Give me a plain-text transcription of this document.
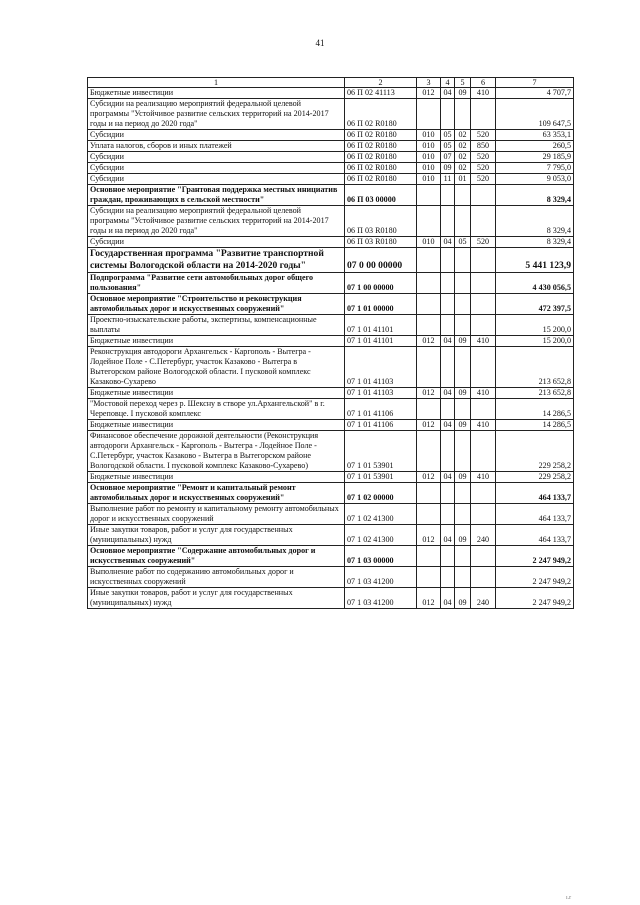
41
1	2	3	4	5	6	7
Бюджетные инвестиции	06 П 02 41113	012	04	09	410	4 707,7
Субсидии на реализацию мероприятий федеральной целевой программы "Устойчивое развитие сельских территорий на 2014-2017 годы и на период до 2020 года"	06 П 02 R0180					109 647,5
Субсидии	06 П 02 R0180	010	05	02	520	63 353,1
Уплата налогов, сборов и иных платежей	06 П 02 R0180	010	05	02	850	260,5
Субсидии	06 П 02 R0180	010	07	02	520	29 185,9
Субсидии	06 П 02 R0180	010	09	02	520	7 795,0
Субсидии	06 П 02 R0180	010	11	01	520	9 053,0
Основное мероприятие "Грантовая поддержка местных инициатив граждан, проживающих в сельской местности"	06 П 03 00000					8 329,4
Субсидии на реализацию мероприятий федеральной целевой программы "Устойчивое развитие сельских территорий на 2014-2017 годы и на период до 2020 года"	06 П 03 R0180					8 329,4
Субсидии	06 П 03 R0180	010	04	05	520	8 329,4
Государственная программа "Развитие транспортной системы Вологодской области на 2014-2020 годы"	07 0 00 00000					5 441 123,9
Подпрограмма "Развитие сети автомобильных дорог общего пользования"	07 1 00 00000					4 430 056,5
Основное мероприятие "Строительство и реконструкция автомобильных дорог и искусственных сооружений"	07 1 01 00000					472 397,5
Проектно-изыскательские работы, экспертизы, компенсационные выплаты	07 1 01 41101					15 200,0
Бюджетные инвестиции	07 1 01 41101	012	04	09	410	15 200,0
Реконструкция автодороги Архангельск - Каргополь - Вытегра - Лодейное Поле - С.Петербург, участок Казаково - Вытегра в Вытегорском районе Вологодской области. I пусковой комплекс Казаково-Сухарево	07 1 01 41103					213 652,8
Бюджетные инвестиции	07 1 01 41103	012	04	09	410	213 652,8
"Мостовой переход через р. Шексну в створе ул.Архангельской" в г. Череповце. I пусковой комплекс	07 1 01 41106					14 286,5
Бюджетные инвестиции	07 1 01 41106	012	04	09	410	14 286,5
Финансовое обеспечение дорожной деятельности (Реконструкция автодороги Архангельск - Каргополь - Вытегра - Лодейное Поле - С.Петербург, участок Казаково - Вытегра в Вытегорском районе Вологодской области. I пусковой комплекс Казаково-Сухарево)	07 1 01 53901					229 258,2
Бюджетные инвестиции	07 1 01 53901	012	04	09	410	229 258,2
Основное мероприятие "Ремонт и капитальный ремонт автомобильных дорог и искусственных сооружений"	07 1 02 00000					464 133,7
Выполнение работ по ремонту и капитальному ремонту автомобильных дорог и искусственных сооружений	07 1 02 41300					464 133,7
Иные закупки товаров, работ и услуг для государственных (муниципальных) нужд	07 1 02 41300	012	04	09	240	464 133,7
Основное мероприятие "Содержание автомобильных дорог и искусственных сооружений"	07 1 03 00000					2 247 949,2
Выполнение работ по содержанию автомобильных дорог и искусственных сооружений	07 1 03 41200					2 247 949,2
Иные закупки товаров, работ и услуг для государственных (муниципальных) нужд	07 1 03 41200	012	04	09	240	2 247 949,2
ı.r
